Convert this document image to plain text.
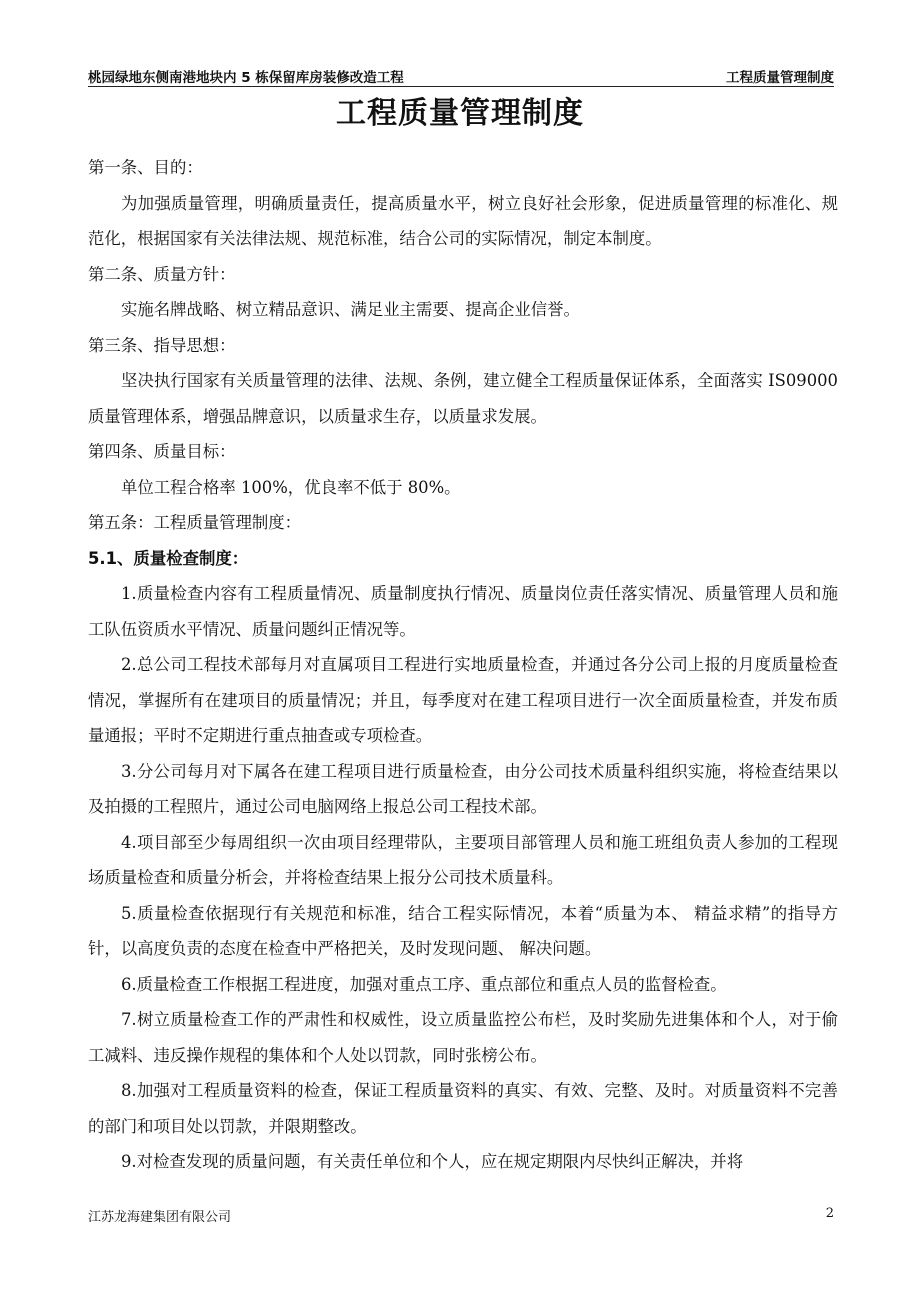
桃园绿地东侧南港地块内 5 栋保留库房装修改造工程	工程质量管理制度
工程质量管理制度

第一条、目的：

为加强质量管理，明确质量责任，提高质量水平，树立良好社会形象，促进质量管理的标准化、规范化，根据国家有关法律法规、规范标准，结合公司的实际情况，制定本制度。

第二条、质量方针：

实施名牌战略、树立精品意识、满足业主需要、提高企业信誉。

第三条、指导思想：

坚决执行国家有关质量管理的法律、法规、条例，建立健全工程质量保证体系，全面落实 IS09000 质量管理体系，增强品牌意识，以质量求生存，以质量求发展。

第四条、质量目标：

单位工程合格率 100%，优良率不低于 80%。

第五条：工程质量管理制度：

5.1、质量检查制度：

1.质量检查内容有工程质量情况、质量制度执行情况、质量岗位责任落实情况、质量管理人员和施工队伍资质水平情况、质量问题纠正情况等。

2.总公司工程技术部每月对直属项目工程进行实地质量检查，并通过各分公司上报的月度质量检查情况，掌握所有在建项目的质量情况；并且，每季度对在建工程项目进行一次全面质量检查，并发布质量通报；平时不定期进行重点抽查或专项检查。

3.分公司每月对下属各在建工程项目进行质量检查，由分公司技术质量科组织实施，将检查结果以及拍摄的工程照片，通过公司电脑网络上报总公司工程技术部。

4.项目部至少每周组织一次由项目经理带队，主要项目部管理人员和施工班组负责人参加的工程现场质量检查和质量分析会，并将检查结果上报分公司技术质量科。

5.质量检查依据现行有关规范和标准，结合工程实际情况，本着“质量为本、 精益求精”的指导方针，以高度负责的态度在检查中严格把关，及时发现问题、 解决问题。

6.质量检查工作根据工程进度，加强对重点工序、重点部位和重点人员的监督检查。

7.树立质量检查工作的严肃性和权威性，设立质量监控公布栏，及时奖励先进集体和个人，对于偷工减料、违反操作规程的集体和个人处以罚款，同时张榜公布。

8.加强对工程质量资料的检查，保证工程质量资料的真实、有效、完整、及时。对质量资料不完善的部门和项目处以罚款，并限期整改。

9.对检查发现的质量问题，有关责任单位和个人，应在规定期限内尽快纠正解决，并将

江苏龙海建集团有限公司	2
